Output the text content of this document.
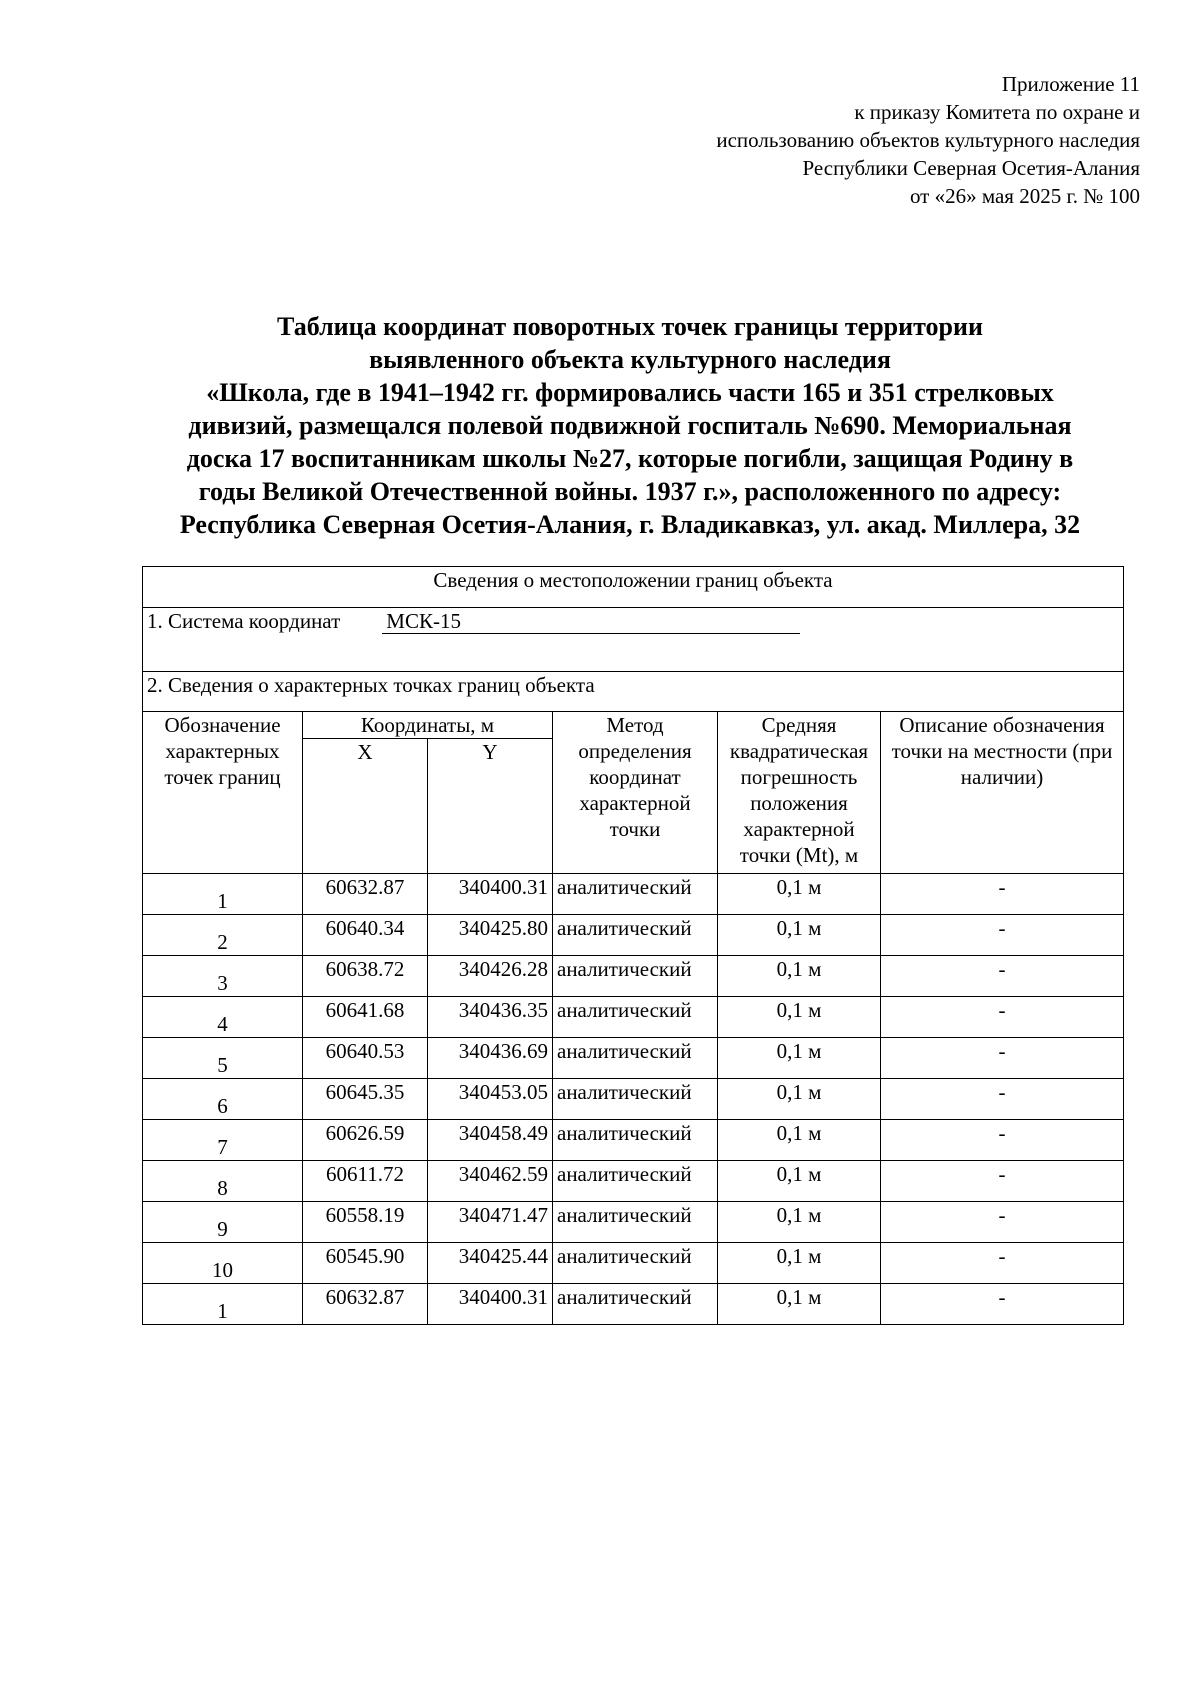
Приложение 11
к приказу Комитета по охране и
использованию объектов культурного наследия
Республики Северная Осетия-Алания
от «26» мая 2025 г. № 100
Таблица координат поворотных точек границы территории
выявленного объекта культурного наследия
«Школа, где в 1941–1942 гг. формировались части 165 и 351 стрелковых
дивизий, размещался полевой подвижной госпиталь №690. Мемориальная
доска 17 воспитанникам школы №27, которые погибли, защищая Родину в
годы Великой Отечественной войны. 1937 г.», расположенного по адресу:
Республика Северная Осетия-Алания, г. Владикавказ, ул. акад. Миллера, 32
Сведения о местоположении границ объекта					
1. Система координат МСК-15					
2. Сведения о характерных точках границ объекта					
Обозначение характерных точек границ	Координаты, м		Метод определения координат характерной точки	Средняя квадратическая погрешность положения характерной точки (Mt), м	Описание обозначения точки на местности (при наличии)
	X	Y			
1	60632.87	340400.31	аналитический	0,1 м	-
2	60640.34	340425.80	аналитический	0,1 м	-
3	60638.72	340426.28	аналитический	0,1 м	-
4	60641.68	340436.35	аналитический	0,1 м	-
5	60640.53	340436.69	аналитический	0,1 м	-
6	60645.35	340453.05	аналитический	0,1 м	-
7	60626.59	340458.49	аналитический	0,1 м	-
8	60611.72	340462.59	аналитический	0,1 м	-
9	60558.19	340471.47	аналитический	0,1 м	-
10	60545.90	340425.44	аналитический	0,1 м	-
1	60632.87	340400.31	аналитический	0,1 м	-
